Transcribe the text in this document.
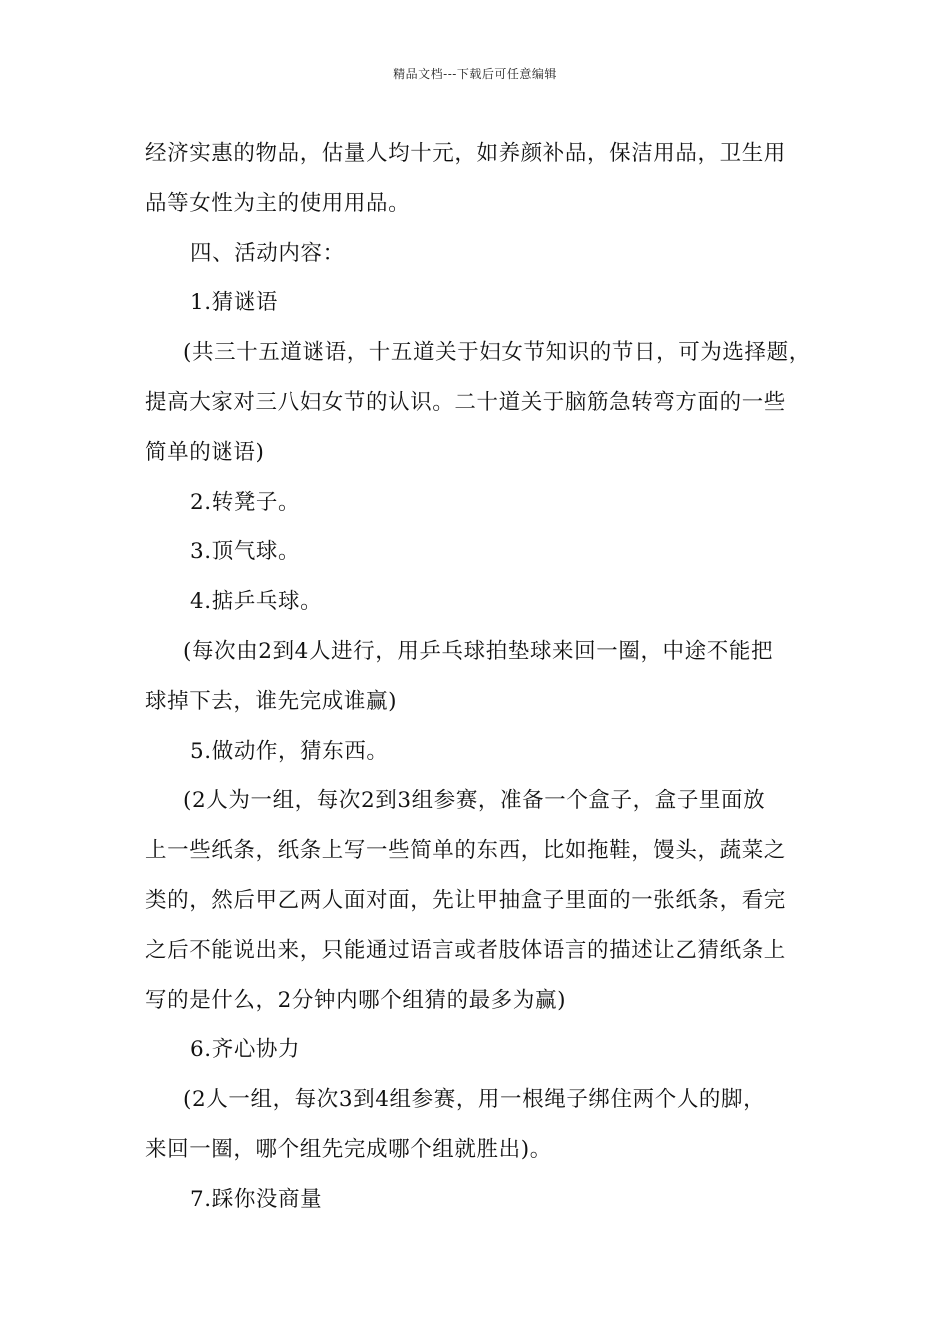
精品文档---下载后可任意编辑
经济实惠的物品，估量人均十元，如养颜补品，保洁用品，卫生用
品等女性为主的使用用品。
四、活动内容：
1.猜谜语
(共三十五道谜语，十五道关于妇女节知识的节日，可为选择题，
提高大家对三八妇女节的认识。二十道关于脑筋急转弯方面的一些
简单的谜语)
2.转凳子。
3.顶气球。
4.掂乒乓球。
(每次由2到4人进行，用乒乓球拍垫球来回一圈，中途不能把
球掉下去，谁先完成谁赢)
5.做动作，猜东西。
(2人为一组，每次2到3组参赛，准备一个盒子，盒子里面放
上一些纸条，纸条上写一些简单的东西，比如拖鞋，馒头，蔬菜之
类的，然后甲乙两人面对面，先让甲抽盒子里面的一张纸条，看完
之后不能说出来，只能通过语言或者肢体语言的描述让乙猜纸条上
写的是什么，2分钟内哪个组猜的最多为赢)
6.齐心协力
(2人一组，每次3到4组参赛，用一根绳子绑住两个人的脚，
来回一圈，哪个组先完成哪个组就胜出)。
7.踩你没商量
